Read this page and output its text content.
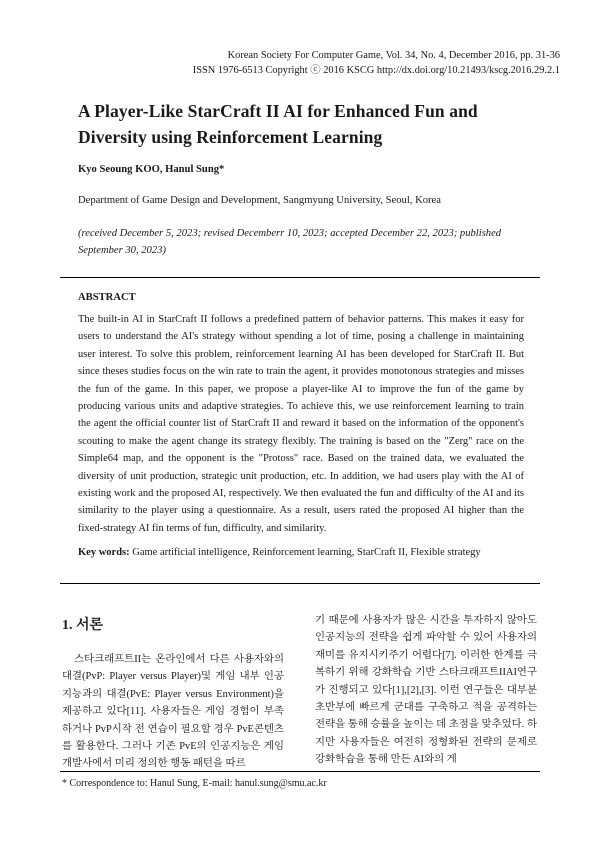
Korean Society For Computer Game, Vol. 34, No. 4, December 2016, pp. 31-36
ISSN 1976-6513 Copyright ⓒ 2016 KSCG http://dx.doi.org/10.21493/kscg.2016.29.2.1
A Player-Like StarCraft II AI for Enhanced Fun and Diversity using Reinforcement Learning
Kyo Seoung KOO, Hanul Sung*
Department of Game Design and Development, Sangmyung University, Seoul, Korea
(received December 5, 2023; revised Decemberr 10, 2023; accepted December 22, 2023; published September 30, 2023)
ABSTRACT
The built-in AI in StarCraft II follows a predefined pattern of behavior patterns. This makes it easy for users to understand the AI's strategy without spending a lot of time, posing a challenge in maintaining user interest. To solve this problem, reinforcement learning AI has been developed for StarCraft II. But since theses studies focus on the win rate to train the agent, it provides monotonous strategies and misses the fun of the game. In this paper, we propose a player-like AI to improve the fun of the game by producing various units and adaptive strategies. To achieve this, we use reinforcement learning to train the agent the official counter list of StarCraft II and reward it based on the information of the opponent's scouting to make the agent change its strategy flexibly. The training is based on the "Zerg" race on the Simple64 map, and the opponent is the "Protoss" race. Based on the trained data, we evaluated the diversity of unit production, strategic unit production, etc. In addition, we had users play with the AI of existing work and the proposed AI, respectively. We then evaluated the fun and difficulty of the AI and its similarity to the player using a questionnaire. As a result, users rated the proposed AI higher than the fixed-strategy AI fin terms of fun, difficulty, and similarity.
Key words: Game artificial intelligence, Reinforcement learning, StarCraft II, Flexible strategy
1. 서론
스타크래프트II는 온라인에서 다른 사용자와의 대결(PvP: Player versus Player)및 게임 내부 인공지능과의 대결(PvE: Player versus Environment)을 제공하고 있다[11]. 사용자들은 게임 경험이 부족하거나 PvP시작 전 연습이 필요할 경우 PvE콘텐츠를 활용한다. 그러나 기존 PvE의 인공지능은 게임 개발사에서 미리 정의한 행동 패턴을 따르
기 때문에 사용자가 많은 시간을 투자하지 않아도 인공지능의 전략을 쉽게 파악할 수 있어 사용자의 재미를 유지시키주기 어렵다[7]. 이러한 한계를 극복하기 위해 강화학습 기반 스타크래프트IIAI연구가 진행되고 있다[1],[2],[3]. 이런 연구들은 대부분 초반부에 빠르게 군대를 구축하고 적을 공격하는 전략을 통해 승률을 높이는 데 초점을 맞추었다. 하지만 사용자들은 여전히 정형화된 전략의 문제로 강화학습을 통해 만든 AI와의 게
* Correspondence to: Hanul Sung, E-mail: hanul.sung@smu.ac.kr
